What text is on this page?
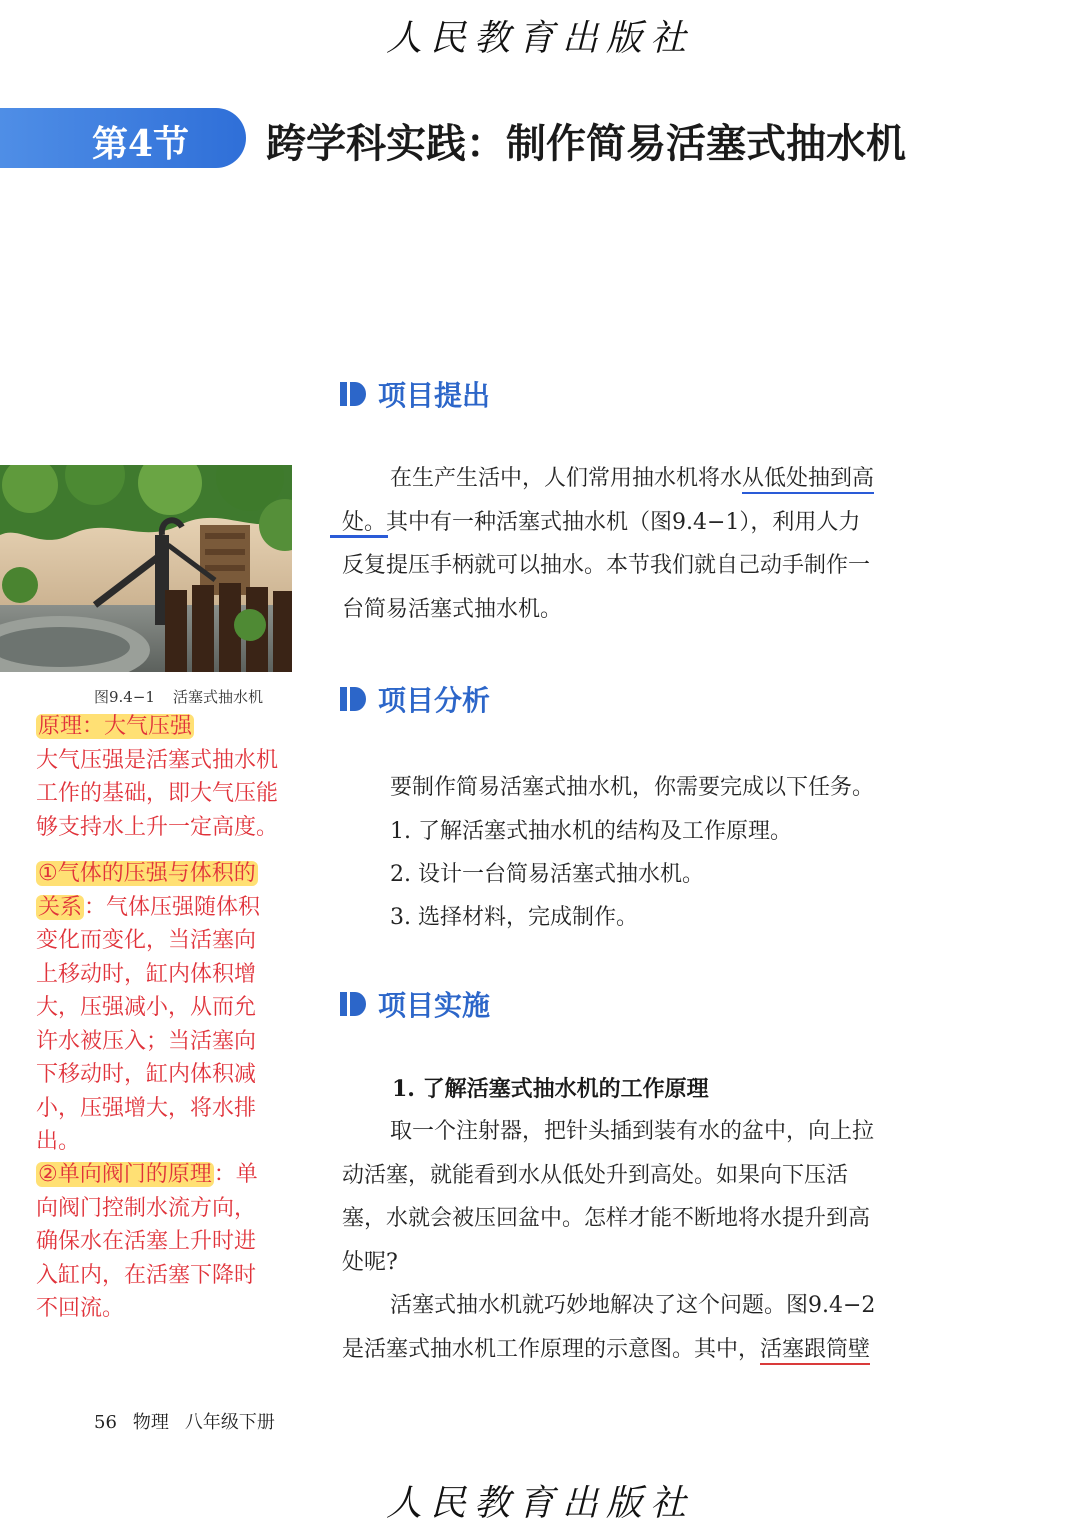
人民教育出版社
第4节 跨学科实践：制作简易活塞式抽水机
项目提出
在生产生活中，人们常用抽水机将水从低处抽到高
处。其中有一种活塞式抽水机（图9.4−1），利用人力
反复提压手柄就可以抽水。本节我们就自己动手制作一
台简易活塞式抽水机。
项目分析
要制作简易活塞式抽水机，你需要完成以下任务。
1. 了解活塞式抽水机的结构及工作原理。
2. 设计一台简易活塞式抽水机。
3. 选择材料，完成制作。
项目实施
1. 了解活塞式抽水机的工作原理
取一个注射器，把针头插到装有水的盆中，向上拉
动活塞，就能看到水从低处升到高处。如果向下压活
塞，水就会被压回盆中。怎样才能不断地将水提升到高
处呢?
活塞式抽水机就巧妙地解决了这个问题。图9.4−2
是活塞式抽水机工作原理的示意图。其中，活塞跟筒壁
图9.4−1 活塞式抽水机
原理：大气压强
大气压强是活塞式抽水机
工作的基础，即大气压能
够支持水上升一定高度。
①气体的压强与体积的
关系：气体压强随体积
变化而变化，当活塞向
上移动时，缸内体积增
大，压强减小，从而允
许水被压入；当活塞向
下移动时，缸内体积减
小，压强增大，将水排
出。
②单向阀门的原理：单
向阀门控制水流方向，
确保水在活塞上升时进
入缸内，在活塞下降时
不回流。
56 物理 八年级下册
人民教育出版社
